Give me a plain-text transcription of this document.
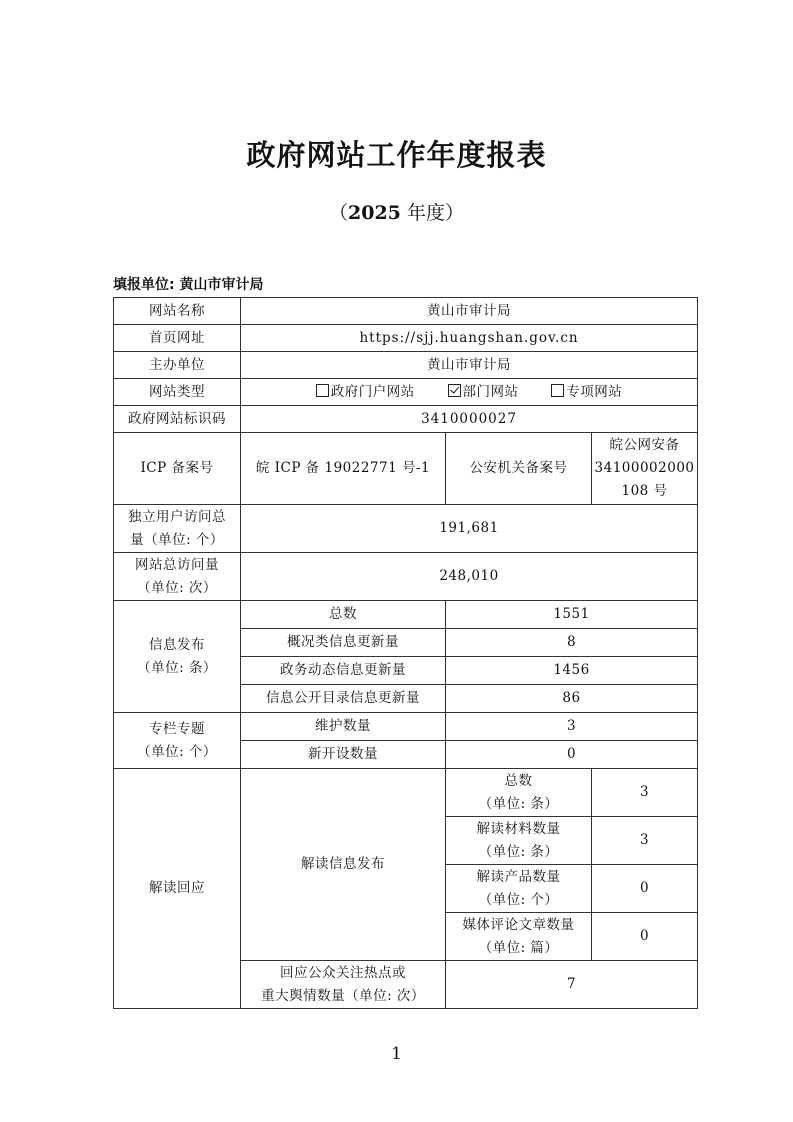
政府网站工作年度报表
（2025 年度）
填报单位: 黄山市审计局
网站名称	黄山市审计局		
首页网址	https://sjj.huangshan.gov.cn		
主办单位	黄山市审计局		
网站类型	政府门户网站 部门网站 专项网站		
政府网站标识码	3410000027		
ICP 备案号	皖 ICP 备 19022771 号-1	公安机关备案号	皖公网安备
34100002000
108 号

独立用户访问总
量（单位: 个）	191,681		

网站总访问量
（单位: 次）	248,010		

信息发布
（单位: 条）	总数	1551	
	概况类信息更新量	8	
	政务动态信息更新量	1456	
	信息公开目录信息更新量	86	

专栏专题
（单位: 个）	维护数量	3	
	新开设数量	0	
解读回应	解读信息发布	总数
（单位: 条）	3

		解读材料数量
（单位: 条）	3

		解读产品数量
（单位: 个）	0

		媒体评论文章数量
（单位: 篇）	0

	回应公众关注热点或
重大舆情数量（单位: 次）	7	
1
